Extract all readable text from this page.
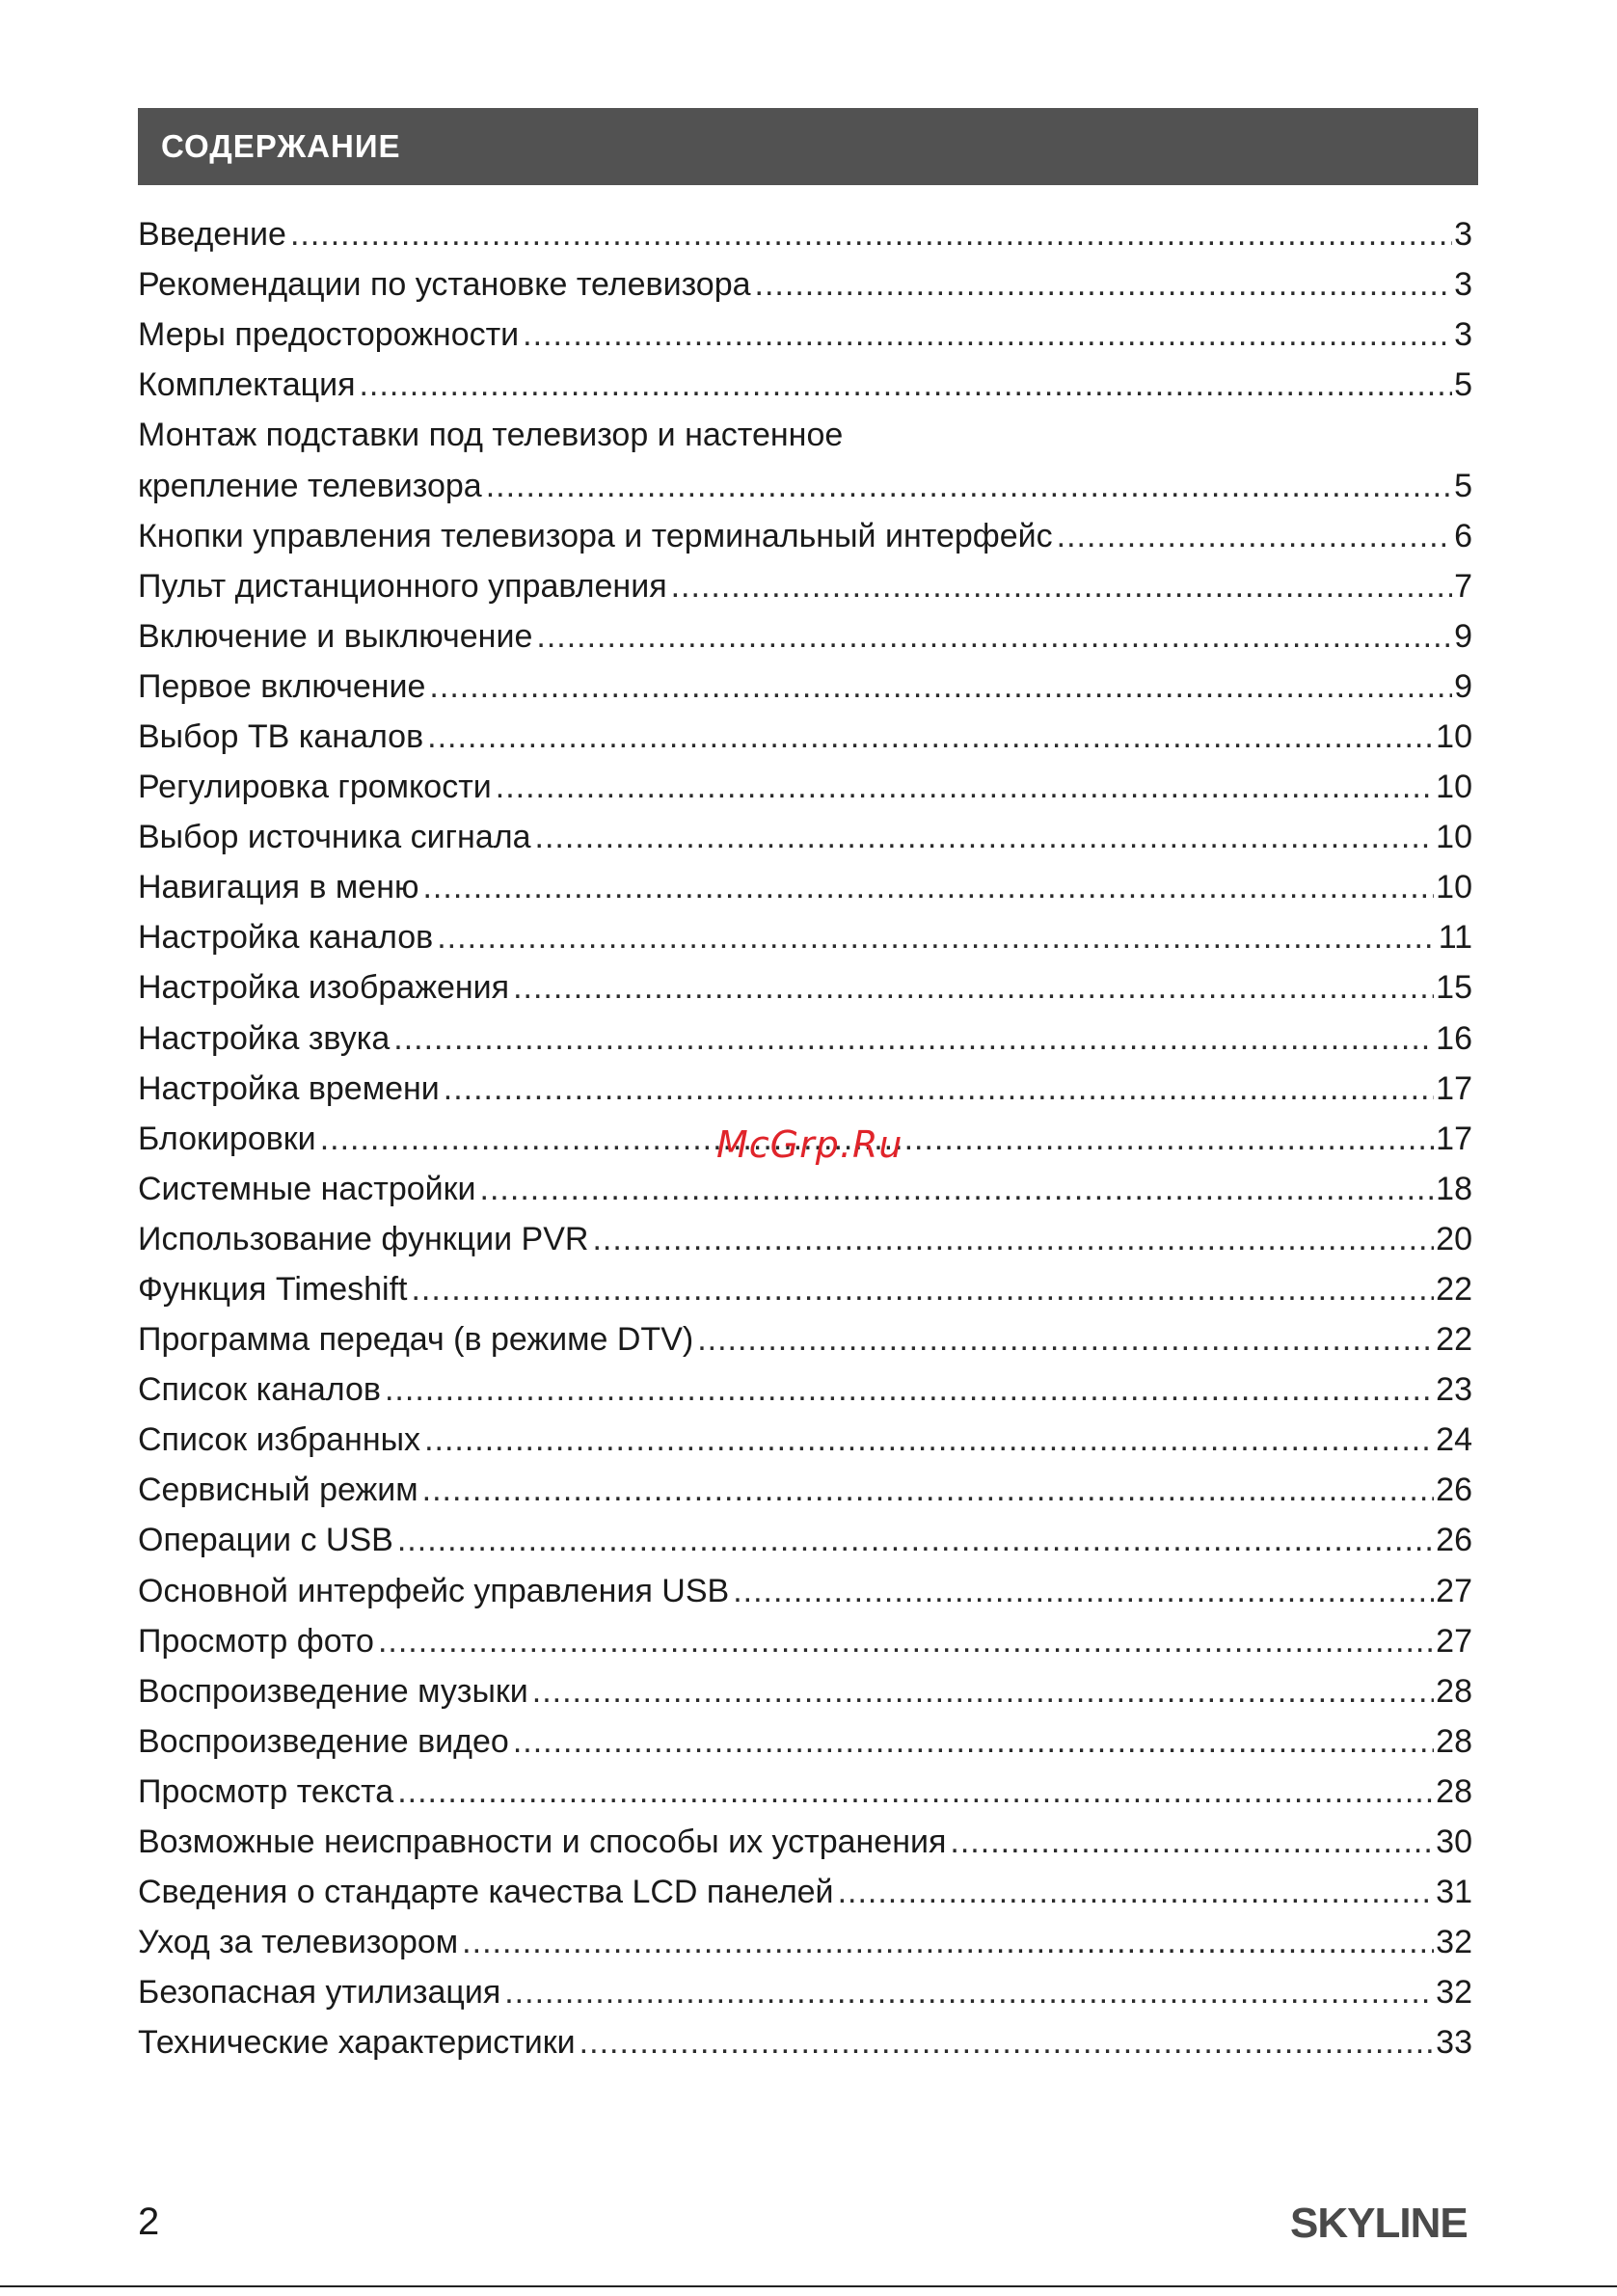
СОДЕРЖАНИЕ
Введение .....	3
Рекомендации по установке телевизора .....	3
Меры предосторожности .....	3
Комплектация .....	5
Монтаж подставки под телевизор и настенное
крепление телевизора .....	5
Кнопки управления телевизора и терминальный интерфейс .....	6
Пульт дистанционного управления .....	7
Включение и выключение .....	9
Первое включение .....	9
Выбор ТВ каналов .....	10
Регулировка громкости .....	10
Выбор источника сигнала .....	10
Навигация в меню .....	10
Настройка каналов .....	11
Настройка изображения .....	15
Настройка звука .....	16
Настройка времени .....	17
Блокировки .....	17
Системные настройки .....	18
Использование функции PVR .....	20
Функция Timeshift .....	22
Программа передач (в режиме DTV) .....	22
Список каналов .....	23
Список избранных .....	24
Сервисный режим .....	26
Операции с USB .....	26
Основной интерфейс управления USB .....	27
Просмотр фото .....	27
Воспроизведение музыки .....	28
Воспроизведение видео .....	28
Просмотр текста .....	28
Возможные неисправности и способы их устранения .....	30
Сведения о стандарте качества LCD панелей .....	31
Уход за телевизором .....	32
Безопасная утилизация .....	32
Технические характеристики .....	33
McGrp.Ru
2	SKYLINE
